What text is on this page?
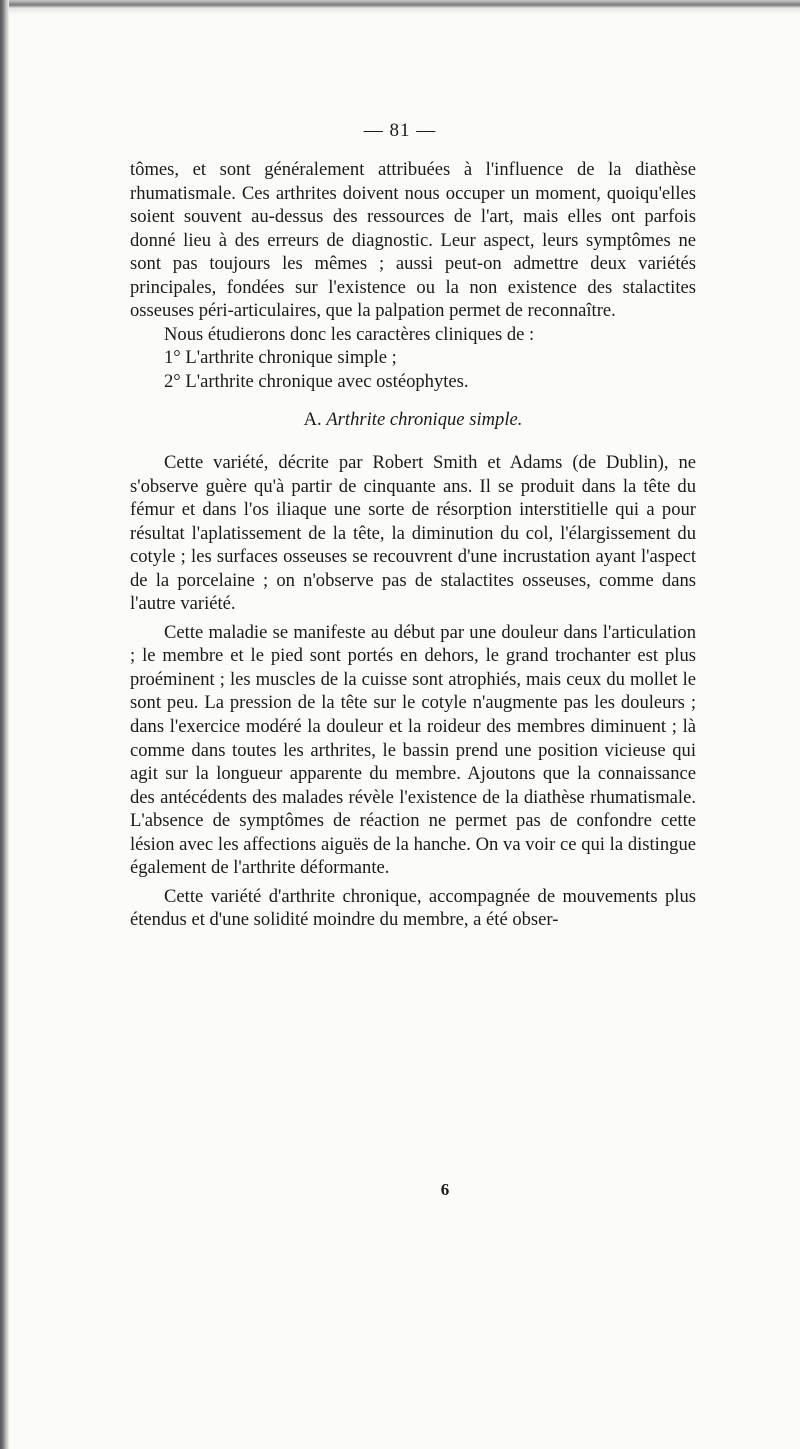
— 81 —

tômes, et sont généralement attribuées à l'influence de la diathèse rhumatismale. Ces arthrites doivent nous occuper un moment, quoiqu'elles soient souvent au-dessus des ressources de l'art, mais elles ont parfois donné lieu à des erreurs de diagnostic. Leur aspect, leurs symptômes ne sont pas toujours les mêmes ; aussi peut-on admettre deux variétés principales, fondées sur l'existence ou la non existence des stalactites osseuses péri-articulaires, que la palpation permet de reconnaître.

Nous étudierons donc les caractères cliniques de :

1° L'arthrite chronique simple ;

2° L'arthrite chronique avec ostéophytes.

A. Arthrite chronique simple.

Cette variété, décrite par Robert Smith et Adams (de Dublin), ne s'observe guère qu'à partir de cinquante ans. Il se produit dans la tête du fémur et dans l'os iliaque une sorte de résorption interstitielle qui a pour résultat l'aplatissement de la tête, la diminution du col, l'élargissement du cotyle ; les surfaces osseuses se recouvrent d'une incrustation ayant l'aspect de la porcelaine ; on n'observe pas de stalactites osseuses, comme dans l'autre variété.

Cette maladie se manifeste au début par une douleur dans l'articulation ; le membre et le pied sont portés en dehors, le grand trochanter est plus proéminent ; les muscles de la cuisse sont atrophiés, mais ceux du mollet le sont peu. La pression de la tête sur le cotyle n'augmente pas les douleurs ; dans l'exercice modéré la douleur et la roideur des membres diminuent ; là comme dans toutes les arthrites, le bassin prend une position vicieuse qui agit sur la longueur apparente du membre. Ajoutons que la connaissance des antécédents des malades révèle l'existence de la diathèse rhumatismale. L'absence de symptômes de réaction ne permet pas de confondre cette lésion avec les affections aiguës de la hanche. On va voir ce qui la distingue également de l'arthrite déformante.

Cette variété d'arthrite chronique, accompagnée de mouvements plus étendus et d'une solidité moindre du membre, a été obser-

6
